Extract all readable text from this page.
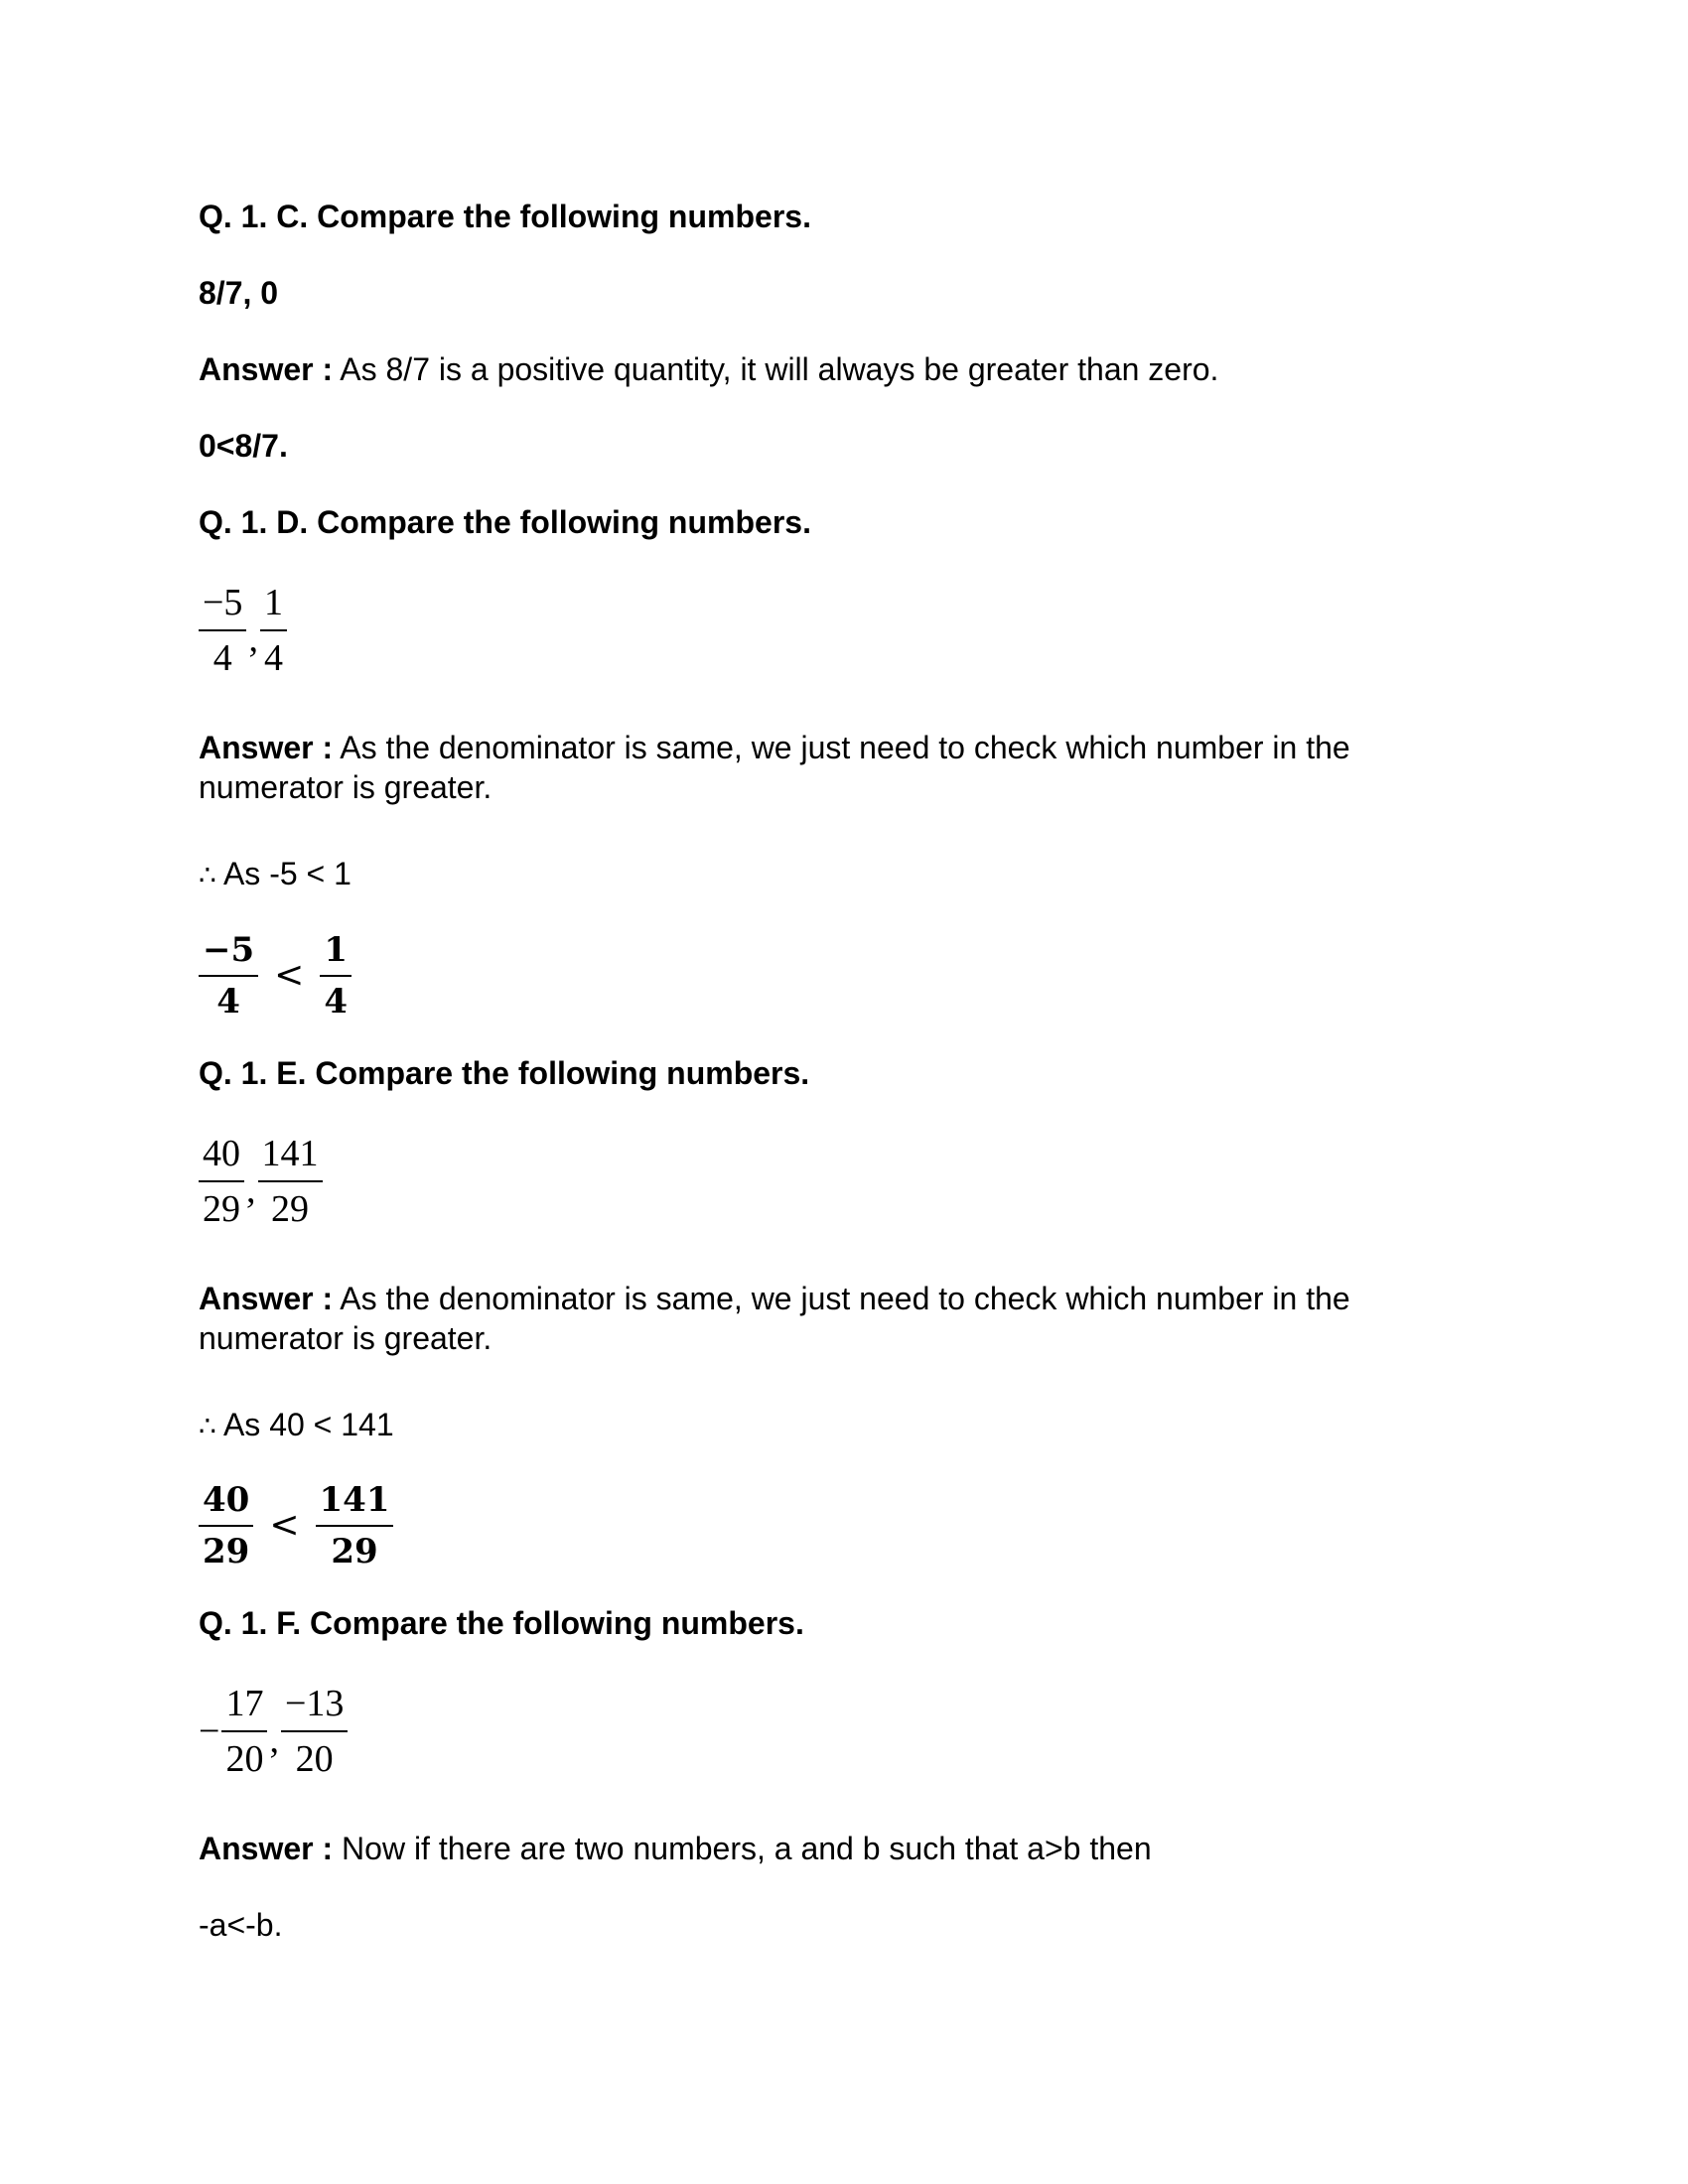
Q. 1. C. Compare the following numbers.
8/7, 0
Answer : As 8/7 is a positive quantity, it will always be greater than zero.
0<8/7.
Q. 1. D. Compare the following numbers.
$\frac{-5}{4}$ , $\frac{1}{4}$
Answer : As the denominator is same, we just need to check which number in the numerator is greater.
∴ As -5 < 1
$\frac{-5}{4} < \frac{1}{4}$
Q. 1. E. Compare the following numbers.
$\frac{40}{29}$ , $\frac{141}{29}$
Answer : As the denominator is same, we just need to check which number in the numerator is greater.
∴ As 40 < 141
$\frac{40}{29} < \frac{141}{29}$
Q. 1. F. Compare the following numbers.
− $\frac{17}{20}$ , $\frac{-13}{20}$
Answer : Now if there are two numbers, a and b such that a>b then
-a<-b.
